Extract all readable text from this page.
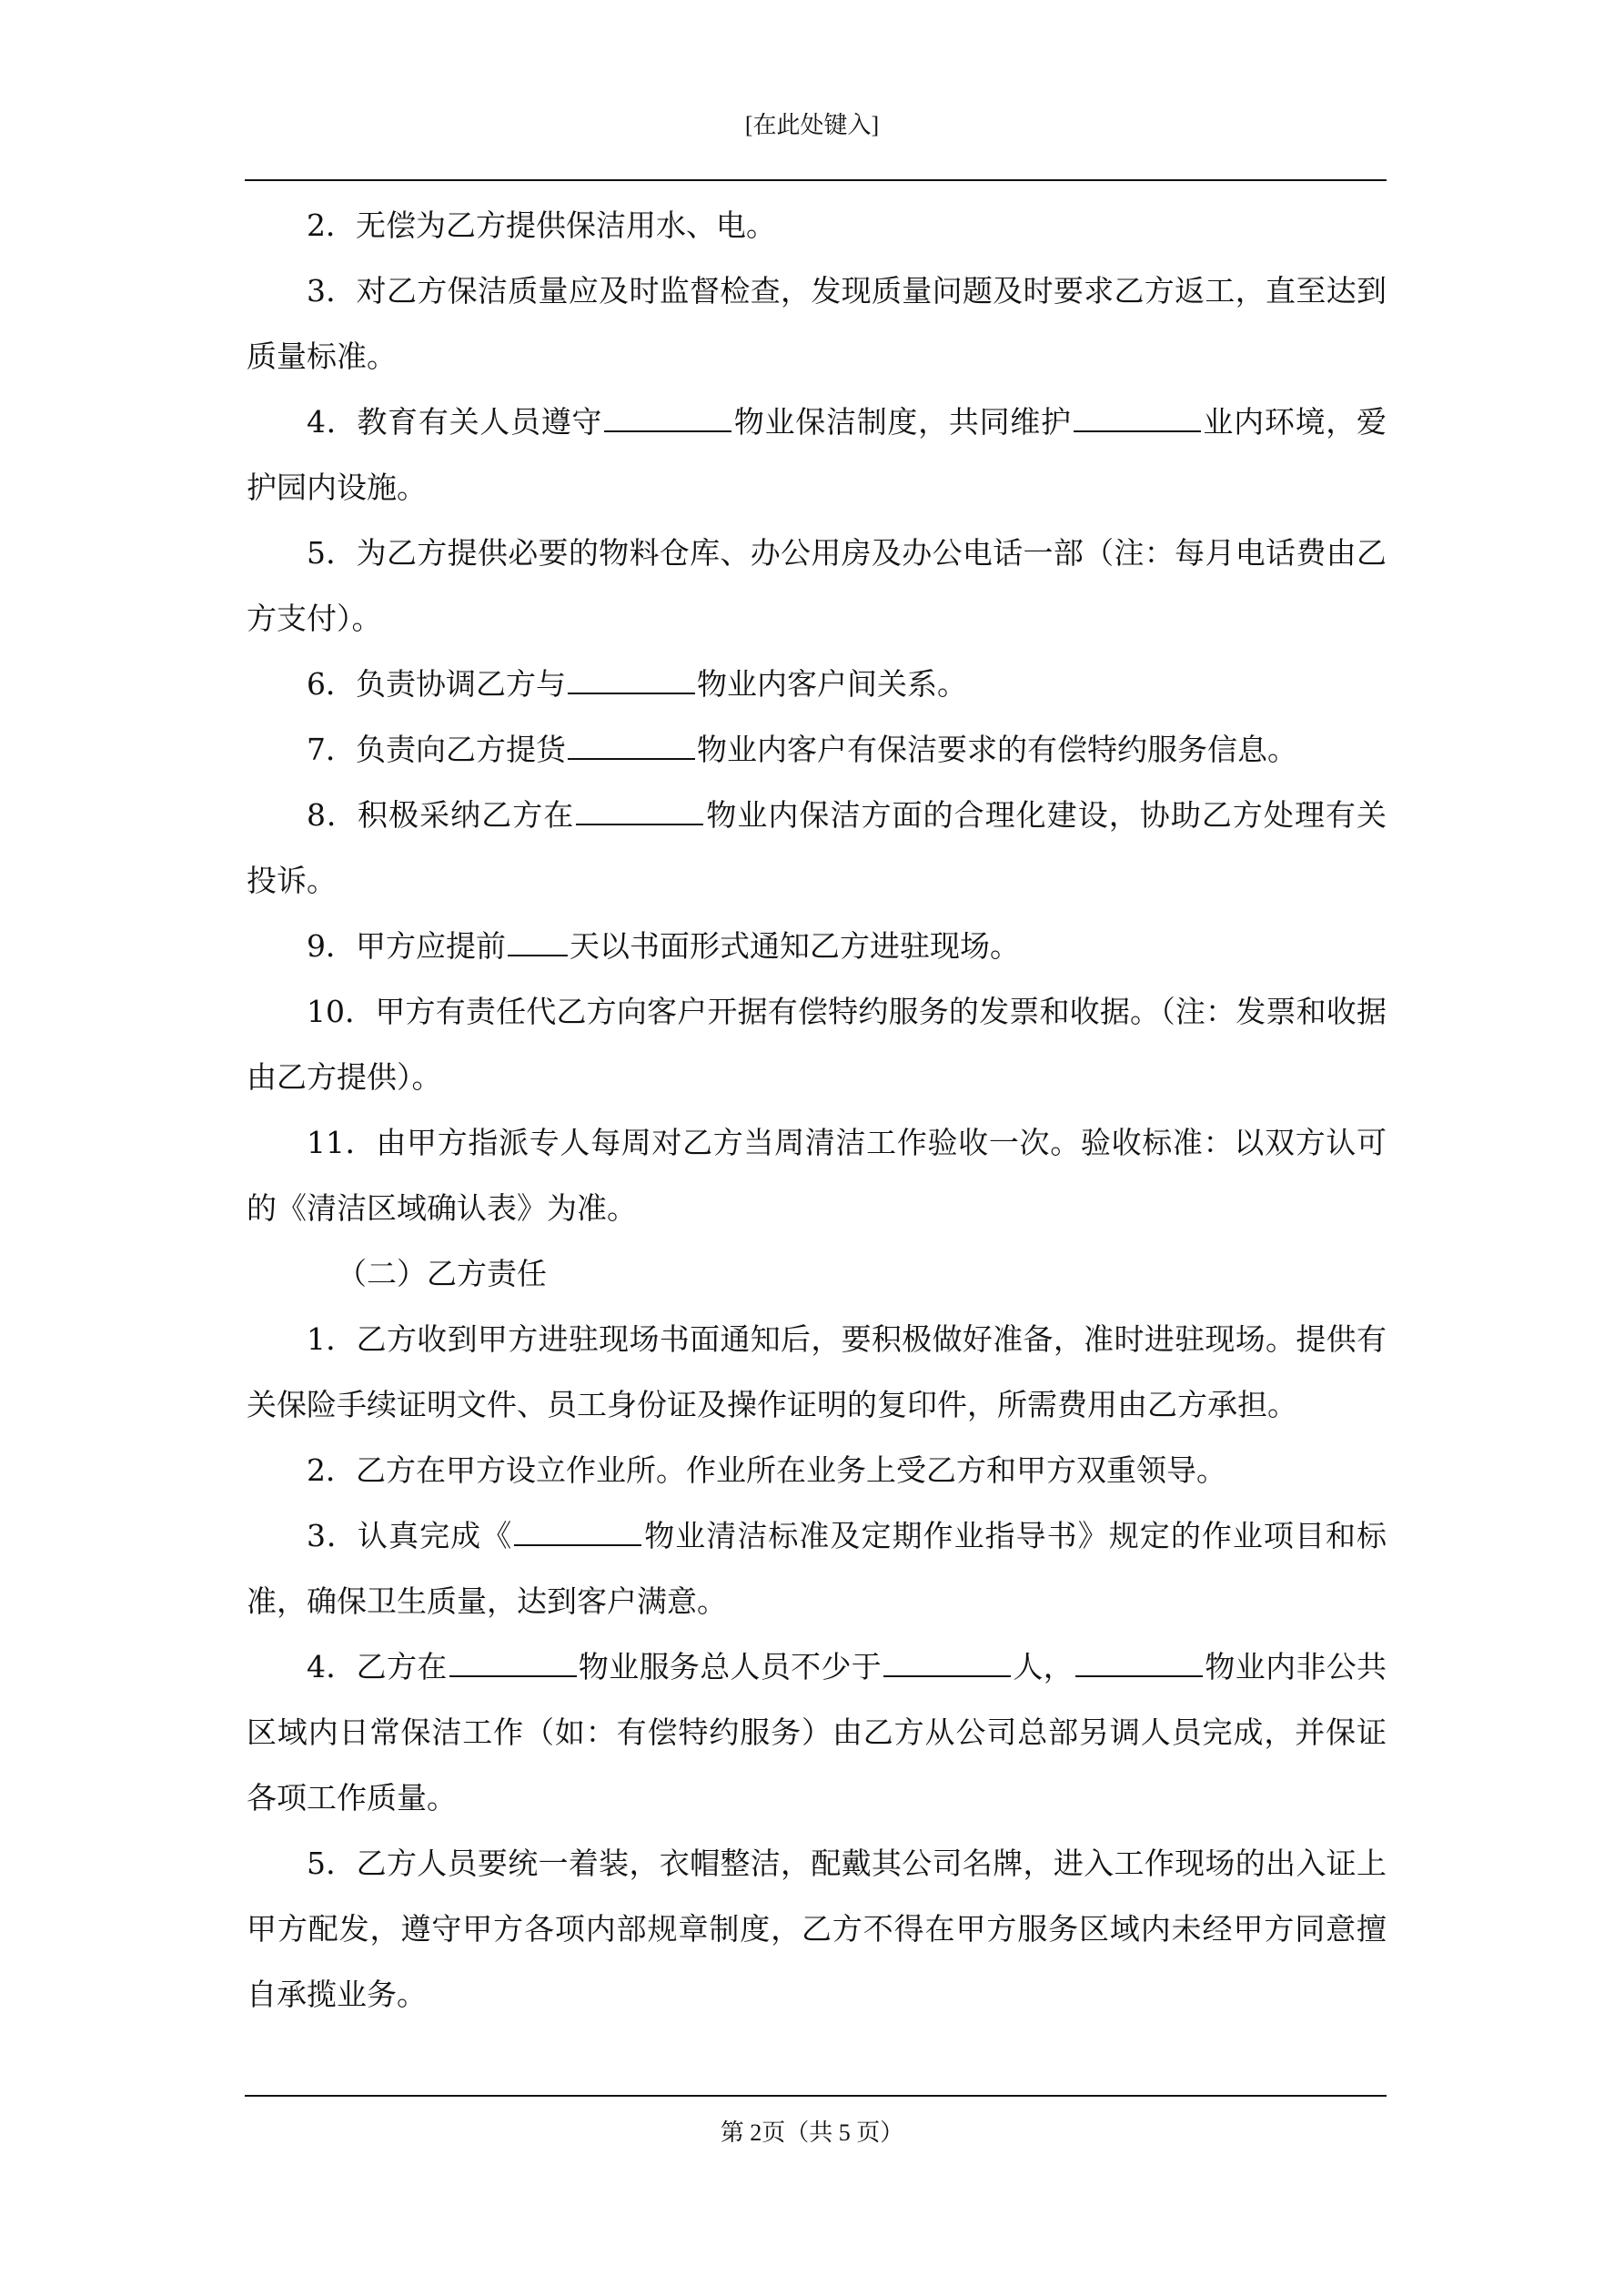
[在此处键入]

2．无偿为乙方提供保洁用水、电。

3．对乙方保洁质量应及时监督检查，发现质量问题及时要求乙方返工，直至达到质量标准。

4．教育有关人员遵守	物业保洁制度，共同维护	业内环境，爱护园内设施。

5．为乙方提供必要的物料仓库、办公用房及办公电话一部（注：每月电话费由乙方支付）。

6．负责协调乙方与	物业内客户间关系。

7．负责向乙方提货	物业内客户有保洁要求的有偿特约服务信息。

8．积极采纳乙方在	物业内保洁方面的合理化建设，协助乙方处理有关投诉。

9．甲方应提前 天以书面形式通知乙方进驻现场。

10．甲方有责任代乙方向客户开据有偿特约服务的发票和收据。（注：发票和收据由乙方提供）。

11．由甲方指派专人每周对乙方当周清洁工作验收一次。验收标准：以双方认可的《清洁区域确认表》为准。

（二）乙方责任

1．乙方收到甲方进驻现场书面通知后，要积极做好准备，准时进驻现场。提供有关保险手续证明文件、员工身份证及操作证明的复印件，所需费用由乙方承担。

2．乙方在甲方设立作业所。作业所在业务上受乙方和甲方双重领导。

3．认真完成《	物业清洁标准及定期作业指导书》规定的作业项目和标准，确保卫生质量，达到客户满意。

4．乙方在	物业服务总人员不少于	人，	物业内非公共区域内日常保洁工作（如：有偿特约服务）由乙方从公司总部另调人员完成，并保证各项工作质量。

5．乙方人员要统一着装，衣帽整洁，配戴其公司名牌，进入工作现场的出入证上甲方配发，遵守甲方各项内部规章制度，乙方不得在甲方服务区域内未经甲方同意擅自承揽业务。

第 2页（共 5 页）
